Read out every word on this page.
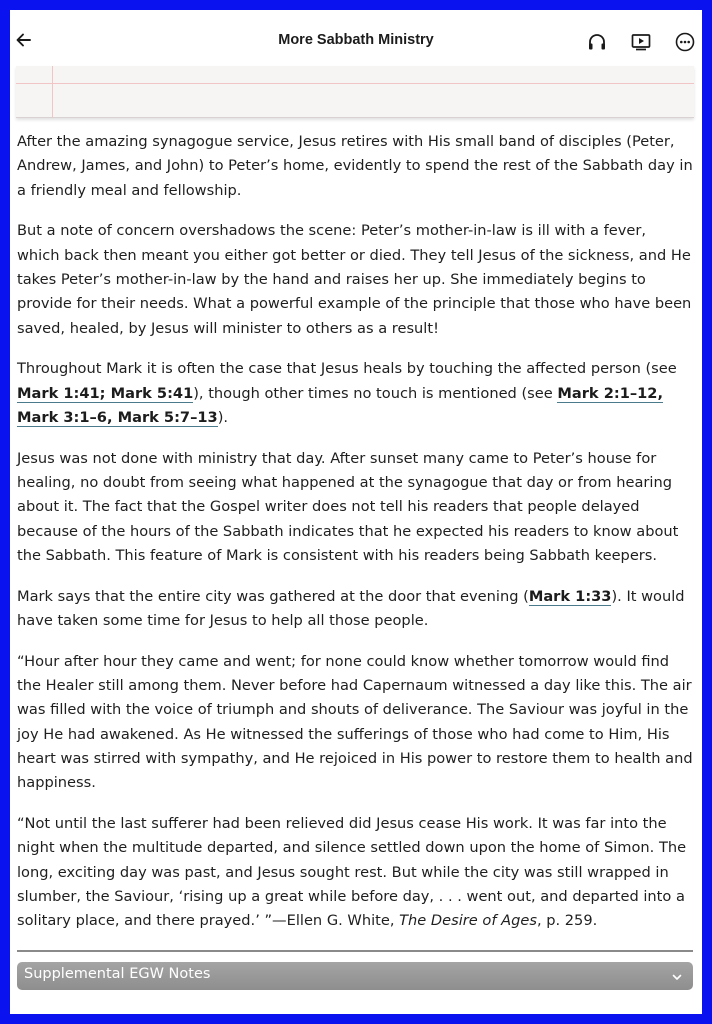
More Sabbath Ministry

After the amazing synagogue service, Jesus retires with His small band of disciples (Peter, Andrew, James, and John) to Peter’s home, evidently to spend the rest of the Sabbath day in a friendly meal and fellowship.

But a note of concern overshadows the scene: Peter’s mother-in-law is ill with a fever, which back then meant you either got better or died. They tell Jesus of the sickness, and He takes Peter’s mother-in-law by the hand and raises her up. She immediately begins to provide for their needs. What a powerful example of the principle that those who have been saved, healed, by Jesus will minister to others as a result!

Throughout Mark it is often the case that Jesus heals by touching the affected person (see Mark 1:41; Mark 5:41), though other times no touch is mentioned (see Mark 2:1–12, Mark 3:1–6, Mark 5:7–13).

Jesus was not done with ministry that day. After sunset many came to Peter’s house for healing, no doubt from seeing what happened at the synagogue that day or from hearing about it. The fact that the Gospel writer does not tell his readers that people delayed because of the hours of the Sabbath indicates that he expected his readers to know about the Sabbath. This feature of Mark is consistent with his readers being Sabbath keepers.

Mark says that the entire city was gathered at the door that evening (Mark 1:33). It would have taken some time for Jesus to help all those people.

“Hour after hour they came and went; for none could know whether tomorrow would find the Healer still among them. Never before had Capernaum witnessed a day like this. The air was filled with the voice of triumph and shouts of deliverance. The Saviour was joyful in the joy He had awakened. As He witnessed the sufferings of those who had come to Him, His heart was stirred with sympathy, and He rejoiced in His power to restore them to health and happiness.

“Not until the last sufferer had been relieved did Jesus cease His work. It was far into the night when the multitude departed, and silence settled down upon the home of Simon. The long, exciting day was past, and Jesus sought rest. But while the city was still wrapped in slumber, the Saviour, ‘rising up a great while before day, . . . went out, and departed into a solitary place, and there prayed.’ ”—Ellen G. White, The Desire of Ages, p. 259.

Supplemental EGW Notes
